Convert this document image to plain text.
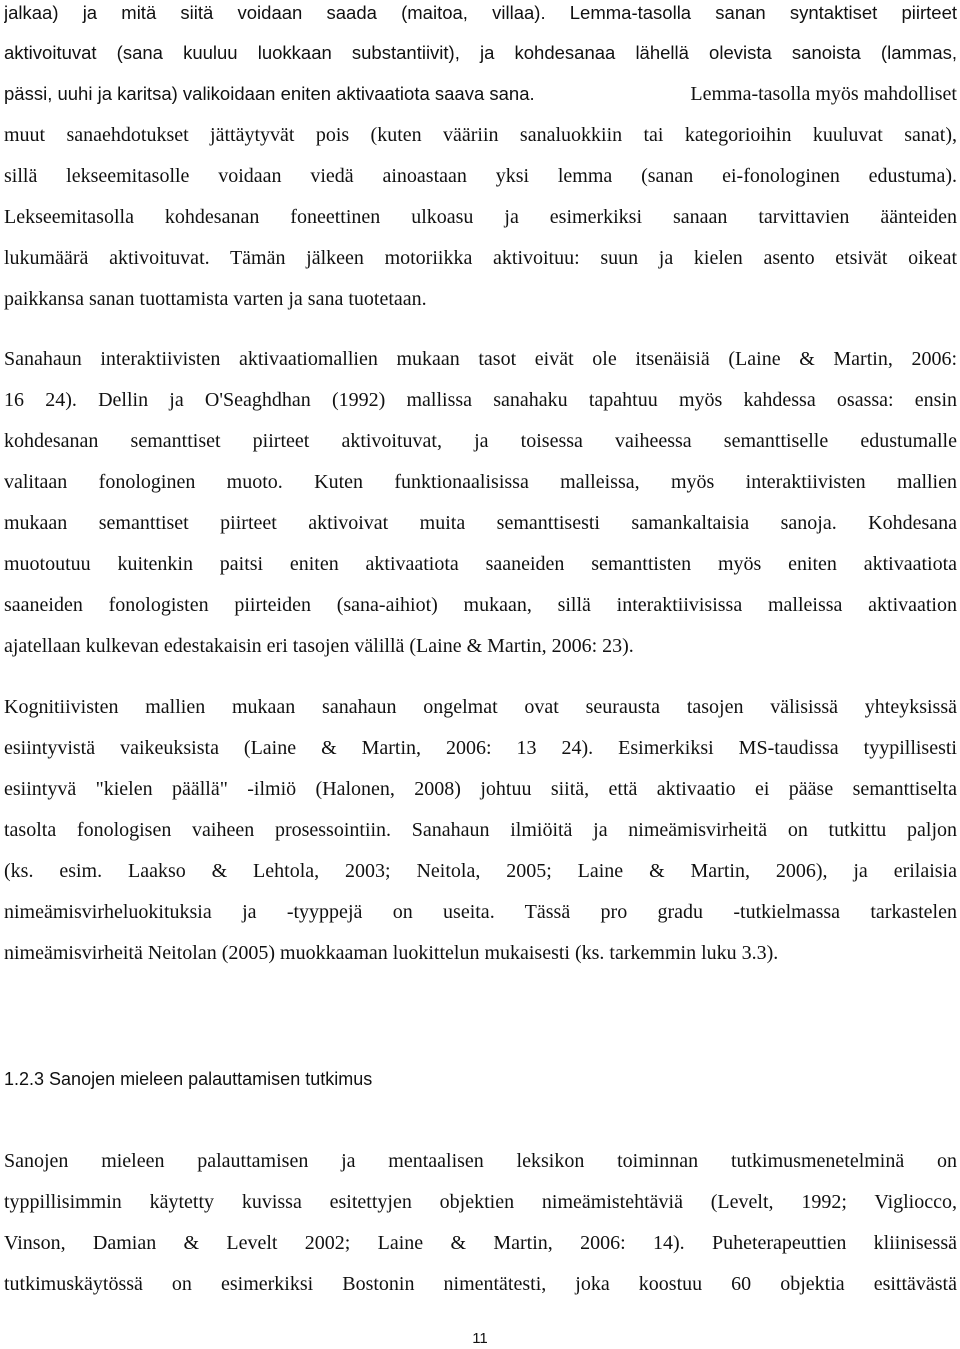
jalkaa) ja mitä siitä voidaan saada (maitoa, villaa). Lemma-tasolla sanan syntaktiset piirteet
aktivoituvat (sana kuuluu luokkaan substantiivit), ja kohdesanaa lähellä olevista sanoista (lammas,
pässi, uuhi ja karitsa) valikoidaan eniten aktivaatiota saava sana.	Lemma-tasolla myös mahdolliset
muut sanaehdotukset jättäytyvät pois (kuten vääriin sanaluokkiin tai kategorioihin kuuluvat sanat),
sillä lekseemitasolle voidaan viedä ainoastaan yksi lemma (sanan ei-fonologinen edustuma).
Lekseemitasolla kohdesanan foneettinen ulkoasu ja esimerkiksi sanaan tarvittavien äänteiden
lukumäärä aktivoituvat. Tämän jälkeen motoriikka aktivoituu: suun ja kielen asento etsivät oikeat
paikkansa sanan tuottamista varten ja sana tuotetaan.
Sanahaun interaktiivisten aktivaatiomallien mukaan tasot eivät ole itsenäisiä (Laine & Martin, 2006:
16 24). Dellin ja O'Seaghdhan (1992) mallissa sanahaku tapahtuu myös kahdessa osassa: ensin
kohdesanan semanttiset piirteet aktivoituvat, ja toisessa vaiheessa semanttiselle edustumalle
valitaan fonologinen muoto. Kuten funktionaalisissa malleissa, myös interaktiivisten mallien
mukaan semanttiset piirteet aktivoivat muita semanttisesti samankaltaisia sanoja. Kohdesana
muotoutuu kuitenkin paitsi eniten aktivaatiota saaneiden semanttisten myös eniten aktivaatiota
saaneiden fonologisten piirteiden (sana-aihiot) mukaan, sillä interaktiivisissa malleissa aktivaation
ajatellaan kulkevan edestakaisin eri tasojen välillä (Laine & Martin, 2006: 23).
Kognitiivisten mallien mukaan sanahaun ongelmat ovat seurausta tasojen välisissä yhteyksissä
esiintyvistä vaikeuksista (Laine & Martin, 2006: 13 24). Esimerkiksi MS-taudissa tyypillisesti
esiintyvä "kielen päällä" -ilmiö (Halonen, 2008) johtuu siitä, että aktivaatio ei pääse semanttiselta
tasolta fonologisen vaiheen prosessointiin. Sanahaun ilmiöitä ja nimeämisvirheitä on tutkittu paljon
(ks. esim. Laakso & Lehtola, 2003; Neitola, 2005; Laine & Martin, 2006), ja erilaisia
nimeämisvirheluokituksia ja -tyyppejä on useita. Tässä pro gradu -tutkielmassa tarkastelen
nimeämisvirheitä Neitolan (2005) muokkaaman luokittelun mukaisesti (ks. tarkemmin luku 3.3).
1.2.3 Sanojen mieleen palauttamisen tutkimus
Sanojen mieleen palauttamisen ja mentaalisen leksikon toiminnan tutkimusmenetelminä on
typpillisimmin käytetty kuvissa esitettyjen objektien nimeämistehtäviä (Levelt, 1992; Vigliocco,
Vinson, Damian & Levelt 2002; Laine & Martin, 2006: 14). Puheterapeuttien kliinisessä
tutkimuskäytössä on esimerkiksi Bostonin nimentätesti, joka koostuu 60 objektia esittävästä
11
